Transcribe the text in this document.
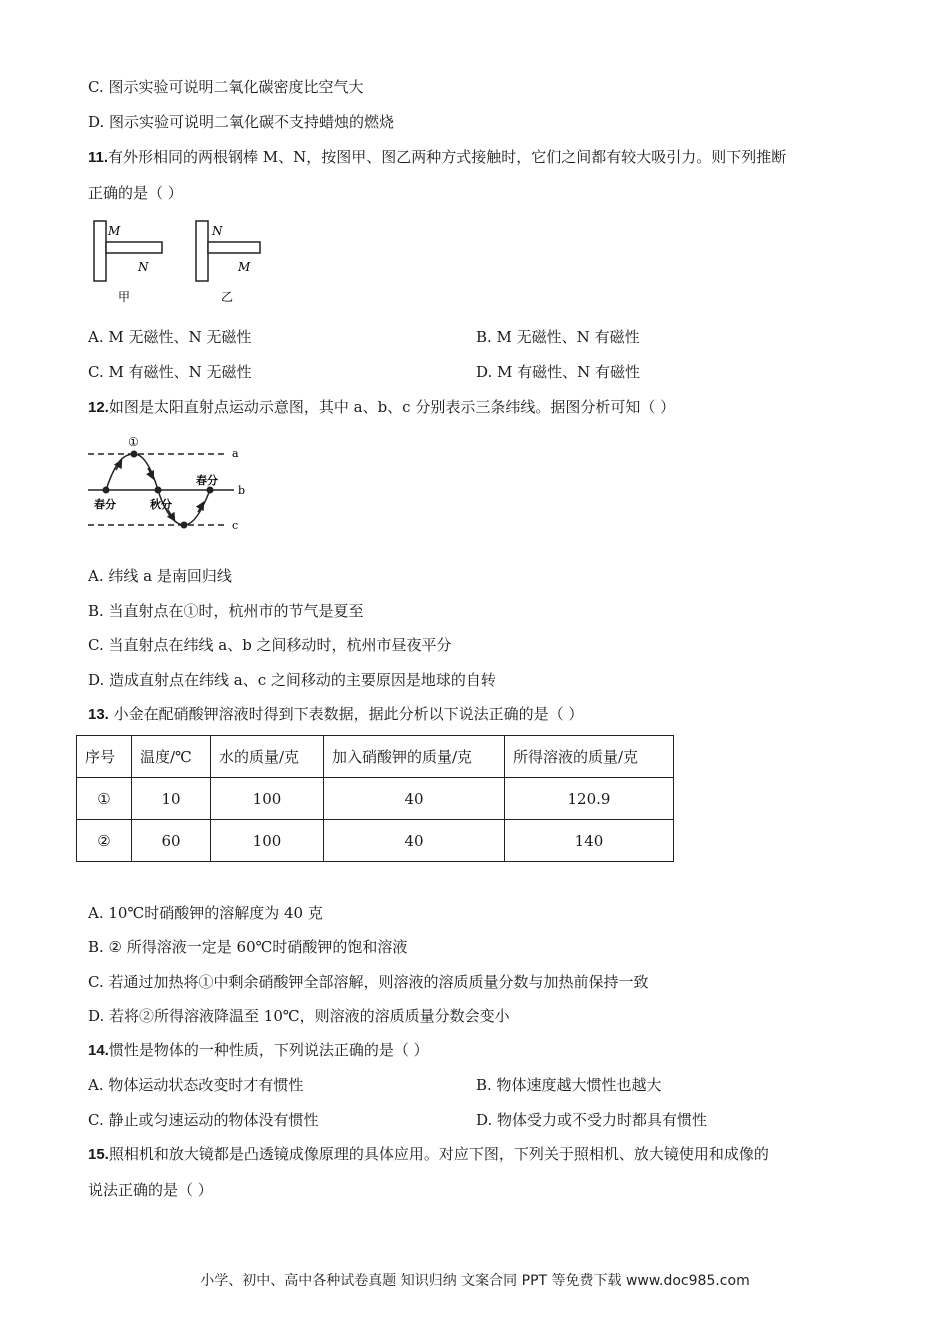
C. 图示实验可说明二氧化碳密度比空气大
D. 图示实验可说明二氧化碳不支持蜡烛的燃烧
11.有外形相同的两根钢棒 M、N，按图甲、图乙两种方式接触时，它们之间都有较大吸引力。则下列推断
正确的是（ ）
M
N
甲
N
M
乙
A. M 无磁性、N 无磁性	B. M 无磁性、N 有磁性
C. M 有磁性、N 无磁性	D. M 有磁性、N 有磁性
12.如图是太阳直射点运动示意图，其中 a、b、c 分别表示三条纬线。据图分析可知（ ）
a
b
c
①
春分	秋分
春分
A. 纬线 a 是南回归线
B. 当直射点在①时，杭州市的节气是夏至
C. 当直射点在纬线 a、b 之间移动时，杭州市昼夜平分
D. 造成直射点在纬线 a、c 之间移动的主要原因是地球的自转
13. 小金在配硝酸钾溶液时得到下表数据，据此分析以下说法正确的是（ ）
序号	温度/℃	水的质量/克	加入硝酸钾的质量/克	所得溶液的质量/克
①	10	100	40	120.9
②	60	100	40	140
A. 10℃时硝酸钾的溶解度为 40 克
B. ② 所得溶液一定是 60℃时硝酸钾的饱和溶液
C. 若通过加热将①中剩余硝酸钾全部溶解，则溶液的溶质质量分数与加热前保持一致
D. 若将②所得溶液降温至 10℃，则溶液的溶质质量分数会变小
14.惯性是物体的一种性质，下列说法正确的是（ ）
A. 物体运动状态改变时才有惯性	B. 物体速度越大惯性也越大
C. 静止或匀速运动的物体没有惯性	D. 物体受力或不受力时都具有惯性
15.照相机和放大镜都是凸透镜成像原理的具体应用。对应下图，下列关于照相机、放大镜使用和成像的
说法正确的是（ ）
小学、初中、高中各种试卷真题 知识归纳 文案合同 PPT 等免费下载 www.doc985.com
